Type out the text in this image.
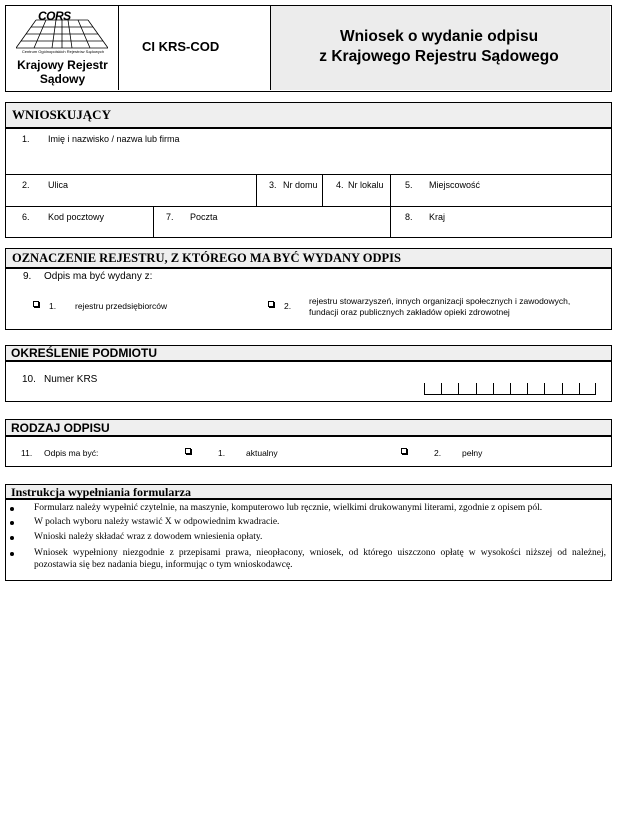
CORS
Centrum Ogólnopolskich Rejestrów Sądowych
Krajowy Rejestr
Sądowy
CI KRS-COD
Wniosek o wydanie odpisu
z Krajowego Rejestru Sądowego
WNIOSKUJĄCY
1. Imię i nazwisko / nazwa lub firma
2. Ulica	3. Nr domu 4. Nr lokalu 5. Miejscowość
6. Kod pocztowy	7. Poczta	8. Kraj
OZNACZENIE REJESTRU, Z KTÓREGO MA BYĆ WYDANY ODPIS
9. Odpis ma być wydany z:
1. rejestru przedsiębiorców	2. rejestru stowarzyszeń, innych organizacji społecznych i zawodowych,
fundacji oraz publicznych zakładów opieki zdrowotnej
OKREŚLENIE PODMIOTU
10. Numer KRS
RODZAJ ODPISU
11. Odpis ma być:	1. aktualny	2. pełny
Instrukcja wypełniania formularza
Formularz należy wypełnić czytelnie, na maszynie, komputerowo lub ręcznie, wielkimi drukowanymi literami, zgodnie z opisem pól.
W polach wyboru należy wstawić X w odpowiednim kwadracie.
Wnioski należy składać wraz z dowodem wniesienia opłaty.
Wniosek wypełniony niezgodnie z przepisami prawa, nieopłacony, wniosek, od którego uiszczono opłatę w wysokości niższej od należnej, pozostawia się bez nadania biegu, informując o tym wnioskodawcę.
